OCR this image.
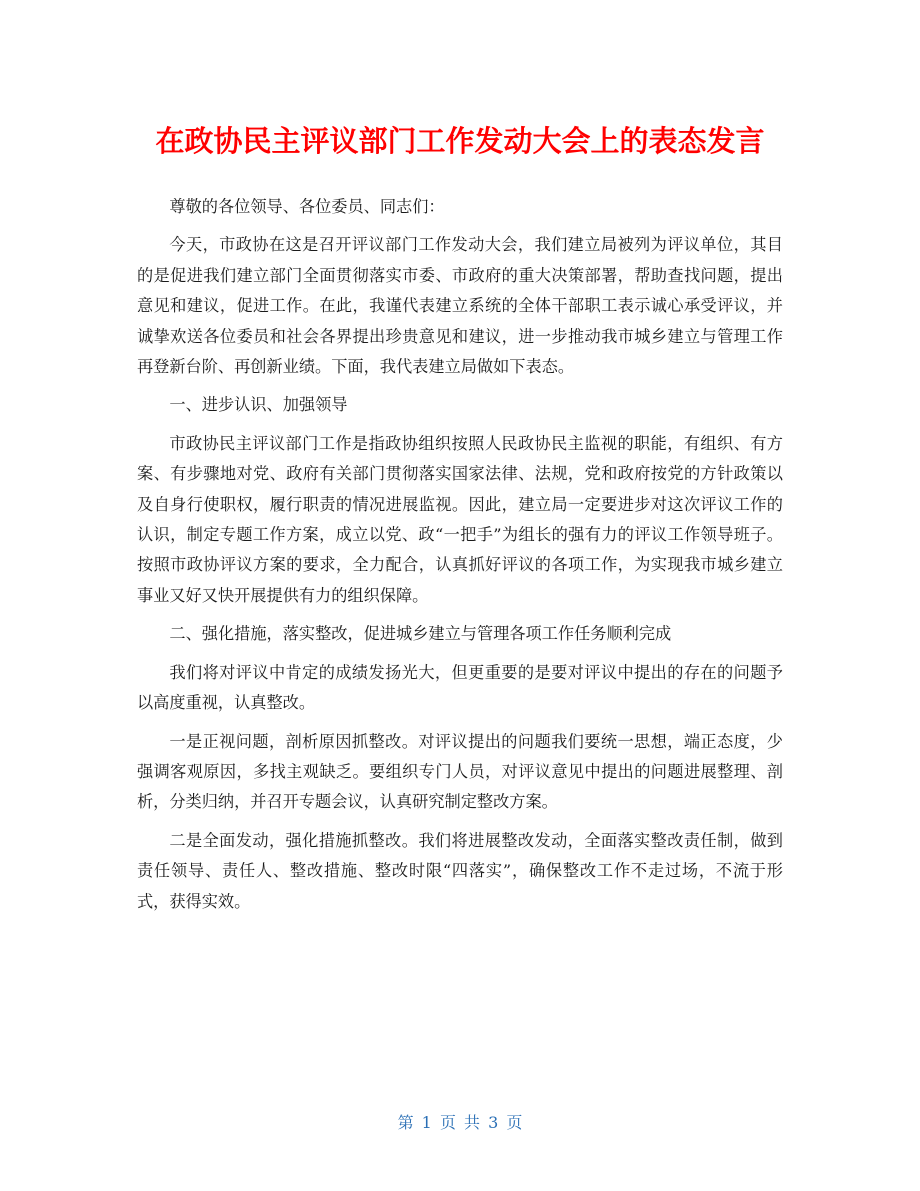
在政协民主评议部门工作发动大会上的表态发言

尊敬的各位领导、各位委员、同志们：

今天，市政协在这是召开评议部门工作发动大会，我们建立局被列为评议单位，其目的是促进我们建立部门全面贯彻落实市委、市政府的重大决策部署，帮助查找问题，提出意见和建议，促进工作。在此，我谨代表建立系统的全体干部职工表示诚心承受评议，并诚挚欢送各位委员和社会各界提出珍贵意见和建议，进一步推动我市城乡建立与管理工作再登新台阶、再创新业绩。下面，我代表建立局做如下表态。

一、进步认识、加强领导

市政协民主评议部门工作是指政协组织按照人民政协民主监视的职能，有组织、有方案、有步骤地对党、政府有关部门贯彻落实国家法律、法规，党和政府按党的方针政策以及自身行使职权，履行职责的情况进展监视。因此，建立局一定要进步对这次评议工作的认识，制定专题工作方案，成立以党、政“一把手”为组长的强有力的评议工作领导班子。按照市政协评议方案的要求，全力配合，认真抓好评议的各项工作，为实现我市城乡建立事业又好又快开展提供有力的组织保障。

二、强化措施，落实整改，促进城乡建立与管理各项工作任务顺利完成

我们将对评议中肯定的成绩发扬光大，但更重要的是要对评议中提出的存在的问题予以高度重视，认真整改。

一是正视问题，剖析原因抓整改。对评议提出的问题我们要统一思想，端正态度，少强调客观原因，多找主观缺乏。要组织专门人员，对评议意见中提出的问题进展整理、剖析，分类归纳，并召开专题会议，认真研究制定整改方案。

二是全面发动，强化措施抓整改。我们将进展整改发动，全面落实整改责任制，做到责任领导、责任人、整改措施、整改时限“四落实”，确保整改工作不走过场，不流于形式，获得实效。

第 1 页 共 3 页
